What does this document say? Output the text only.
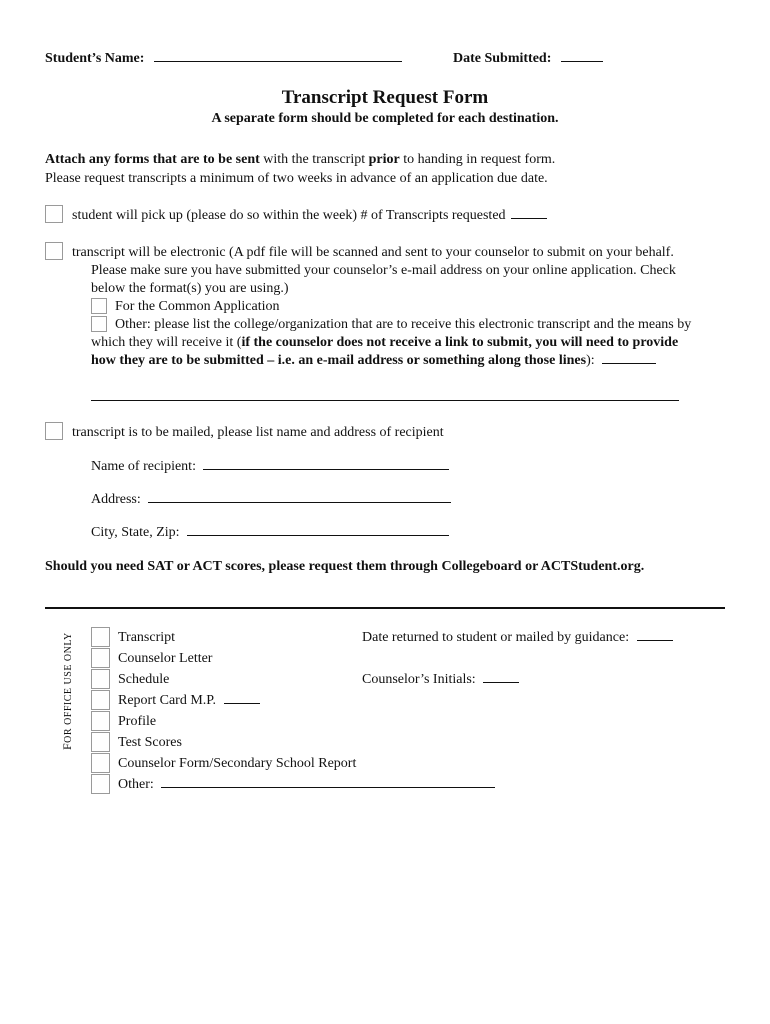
Student’s Name:	Date Submitted:
Transcript Request Form
A separate form should be completed for each destination.
Attach any forms that are to be sent with the transcript prior to handing in request form.
Please request transcripts a minimum of two weeks in advance of an application due date.
student will pick up (please do so within the week) # of Transcripts requested
transcript will be electronic (A pdf file will be scanned and sent to your counselor to submit on your behalf.
Please make sure you have submitted your counselor’s e-mail address on your online application. Check
below the format(s) you are using.)
For the Common Application
Other: please list the college/organization that are to receive this electronic transcript and the means by
which they will receive it (if the counselor does not receive a link to submit, you will need to provide
how they are to be submitted – i.e. an e-mail address or something along those lines):
transcript is to be mailed, please list name and address of recipient
Name of recipient:
Address:
City, State, Zip:
Should you need SAT or ACT scores, please request them through Collegeboard or ACTStudent.org.
FOR OFFICE USE ONLY	Transcript
Counselor Letter
Schedule
Report Card M.P.
Profile
Test Scores
Counselor Form/Secondary School Report
Other:
Date returned to student or mailed by guidance:
Counselor’s Initials:
